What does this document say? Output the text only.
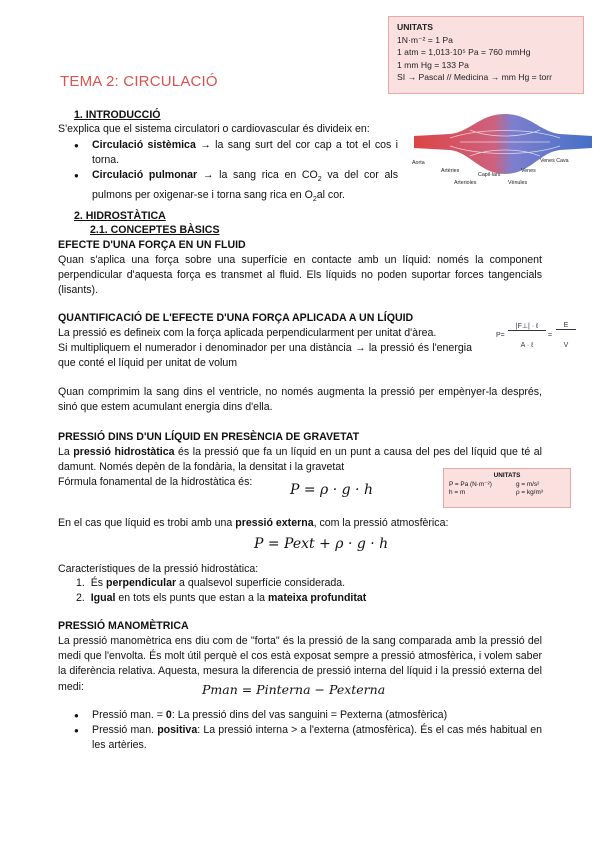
UNITATS
1N·m⁻² = 1 Pa
1 atm = 1,013·10⁵ Pa = 760 mmHg
1 mm Hg = 133 Pa
SI → Pascal // Medicina → mm Hg = torr
TEMA 2: CIRCULACIÓ
1. INTRODUCCIÓ
S'explica que el sistema circulatori o cardiovascular és divideix en:
● Circulació sistèmica → la sang surt del cor cap a tot el cos i torna.
● Circulació pulmonar → la sang rica en $CO_2$ va del cor als pulmons per oxigenar-se i torna sang rica en $O_2al$ cor.
Aorta
Artèries
Arterioles
Capil·lars
Vènules
Venes
Venes Cava
2. HIDROSTÀTICA
2.1. CONCEPTES BÀSICS
EFECTE D'UNA FORÇA EN UN FLUID
Quan s'aplica una força sobre una superfície en contacte amb un líquid: només la component perpendicular d'aquesta força es transmet al fluid. Els líquids no poden suportar forces tangencials (lisants).
QUANTIFICACIÓ DE L'EFECTE D'UNA FORÇA APLICADA A UN LÍQUID
La pressió es defineix com la força aplicada perpendicularment per unitat d'àrea.
Si multipliquem el numerador i denominador per una distància → la pressió és l'energia que conté el líquid per unitat de volum
P=
|F⊥| · ℓ
A · ℓ
=
E
V
Quan comprimim la sang dins el ventricle, no només augmenta la pressió per empènyer-la després, sinó que estem acumulant energia dins d'ella.
PRESSIÓ DINS D'UN LÍQUID EN PRESÈNCIA DE GRAVETAT
La pressió hidrostàtica és la pressió que fa un líquid en un punt a causa del pes del líquid que té al damunt. Només depèn de la fondària, la densitat i la gravetat
Fórmula fonamental de la hidrostàtica és:	P = ρ · g · h
UNITATS
P = Pa (N·m⁻²)	g = m/s²
h = m	ρ = kg/m³
En el cas que líquid es trobi amb una pressió externa, com la pressió atmosfèrica:
P = Pext + ρ · g · h
Característiques de la pressió hidrostàtica:
1.  És perpendicular a qualsevol superfície considerada.
2.  Igual en tots els punts que estan a la mateixa profunditat
PRESSIÓ MANOMÈTRICA
La pressió manomètrica ens diu com de "forta" és la pressió de la sang comparada amb la pressió del medi que l'envolta. És molt útil perquè el cos està exposat sempre a pressió atmosfèrica, i volem saber la diferència relativa. Aquesta, mesura la diferencia de pressió interna del líquid i la pressió externa del medi:	Pman = Pinterna − Pexterna
● Pressió man. = 0: La pressió dins del vas sanguini = Pexterna (atmosfèrica)
● Pressió man. positiva: La pressió interna > a l'externa (atmosfèrica). És el cas més habitual en les artèries.
